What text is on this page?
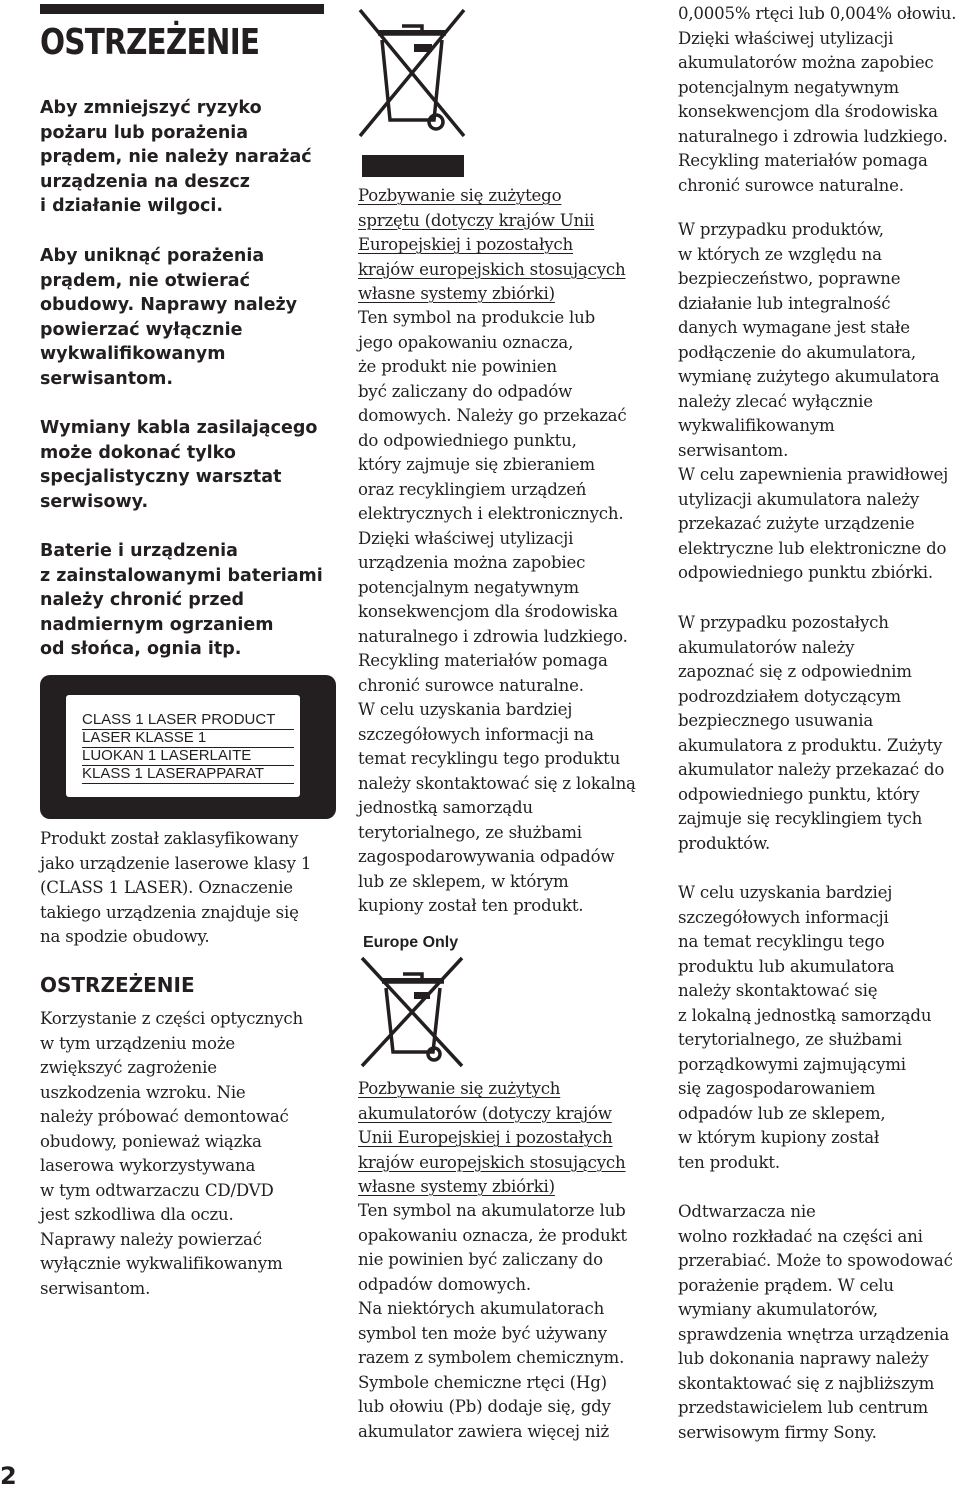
OSTRZEŻENIE
Aby zmniejszyć ryzyko
pożaru lub porażenia
prądem, nie należy narażać
urządzenia na deszcz
i działanie wilgoci.
Aby uniknąć porażenia
prądem, nie otwierać
obudowy. Naprawy należy
powierzać wyłącznie
wykwalifikowanym
serwisantom.
Wymiany kabla zasilającego
może dokonać tylko
specjalistyczny warsztat
serwisowy.
Baterie i urządzenia
z zainstalowanymi bateriami
należy chronić przed
nadmiernym ogrzaniem
od słońca, ognia itp.
CLASS 1 LASER PRODUCT
LASER KLASSE 1
LUOKAN 1 LASERLAITE
KLASS 1 LASERAPPARAT
Produkt został zaklasyfikowany
jako urządzenie laserowe klasy 1
(CLASS 1 LASER). Oznaczenie
takiego urządzenia znajduje się
na spodzie obudowy.
OSTRZEŻENIE
Korzystanie z części optycznych
w tym urządzeniu może
zwiększyć zagrożenie
uszkodzenia wzroku. Nie
należy próbować demontować
obudowy, ponieważ wiązka
laserowa wykorzystywana
w tym odtwarzaczu CD/DVD
jest szkodliwa dla oczu.
Naprawy należy powierzać
wyłącznie wykwalifikowanym
serwisantom.
2
Pozbywanie się zużytego
sprzętu (dotyczy krajów Unii
Europejskiej i pozostałych
krajów europejskich stosujących
własne systemy zbiórki)
Ten symbol na produkcie lub
jego opakowaniu oznacza,
że produkt nie powinien
być zaliczany do odpadów
domowych. Należy go przekazać
do odpowiedniego punktu,
który zajmuje się zbieraniem
oraz recyklingiem urządzeń
elektrycznych i elektronicznych.
Dzięki właściwej utylizacji
urządzenia można zapobiec
potencjalnym negatywnym
konsekwencjom dla środowiska
naturalnego i zdrowia ludzkiego.
Recykling materiałów pomaga
chronić surowce naturalne.
W celu uzyskania bardziej
szczegółowych informacji na
temat recyklingu tego produktu
należy skontaktować się z lokalną
jednostką samorządu
terytorialnego, ze służbami
zagospodarowywania odpadów
lub ze sklepem, w którym
kupiony został ten produkt.
Europe Only
Pozbywanie się zużytych
akumulatorów (dotyczy krajów
Unii Europejskiej i pozostałych
krajów europejskich stosujących
własne systemy zbiórki)
Ten symbol na akumulatorze lub
opakowaniu oznacza, że produkt
nie powinien być zaliczany do
odpadów domowych.
Na niektórych akumulatorach
symbol ten może być używany
razem z symbolem chemicznym.
Symbole chemiczne rtęci (Hg)
lub ołowiu (Pb) dodaje się, gdy
akumulator zawiera więcej niż
0,0005% rtęci lub 0,004% ołowiu.
Dzięki właściwej utylizacji
akumulatorów można zapobiec
potencjalnym negatywnym
konsekwencjom dla środowiska
naturalnego i zdrowia ludzkiego.
Recykling materiałów pomaga
chronić surowce naturalne.
W przypadku produktów,
w których ze względu na
bezpieczeństwo, poprawne
działanie lub integralność
danych wymagane jest stałe
podłączenie do akumulatora,
wymianę zużytego akumulatora
należy zlecać wyłącznie
wykwalifikowanym
serwisantom.
W celu zapewnienia prawidłowej
utylizacji akumulatora należy
przekazać zużyte urządzenie
elektryczne lub elektroniczne do
odpowiedniego punktu zbiórki.
W przypadku pozostałych
akumulatorów należy
zapoznać się z odpowiednim
podrozdziałem dotyczącym
bezpiecznego usuwania
akumulatora z produktu. Zużyty
akumulator należy przekazać do
odpowiedniego punktu, który
zajmuje się recyklingiem tych
produktów.
W celu uzyskania bardziej
szczegółowych informacji
na temat recyklingu tego
produktu lub akumulatora
należy skontaktować się
z lokalną jednostką samorządu
terytorialnego, ze służbami
porządkowymi zajmującymi
się zagospodarowaniem
odpadów lub ze sklepem,
w którym kupiony został
ten produkt.
Odtwarzacza nie
wolno rozkładać na części ani
przerabiać. Może to spowodować
porażenie prądem. W celu
wymiany akumulatorów,
sprawdzenia wnętrza urządzenia
lub dokonania naprawy należy
skontaktować się z najbliższym
przedstawicielem lub centrum
serwisowym firmy Sony.
